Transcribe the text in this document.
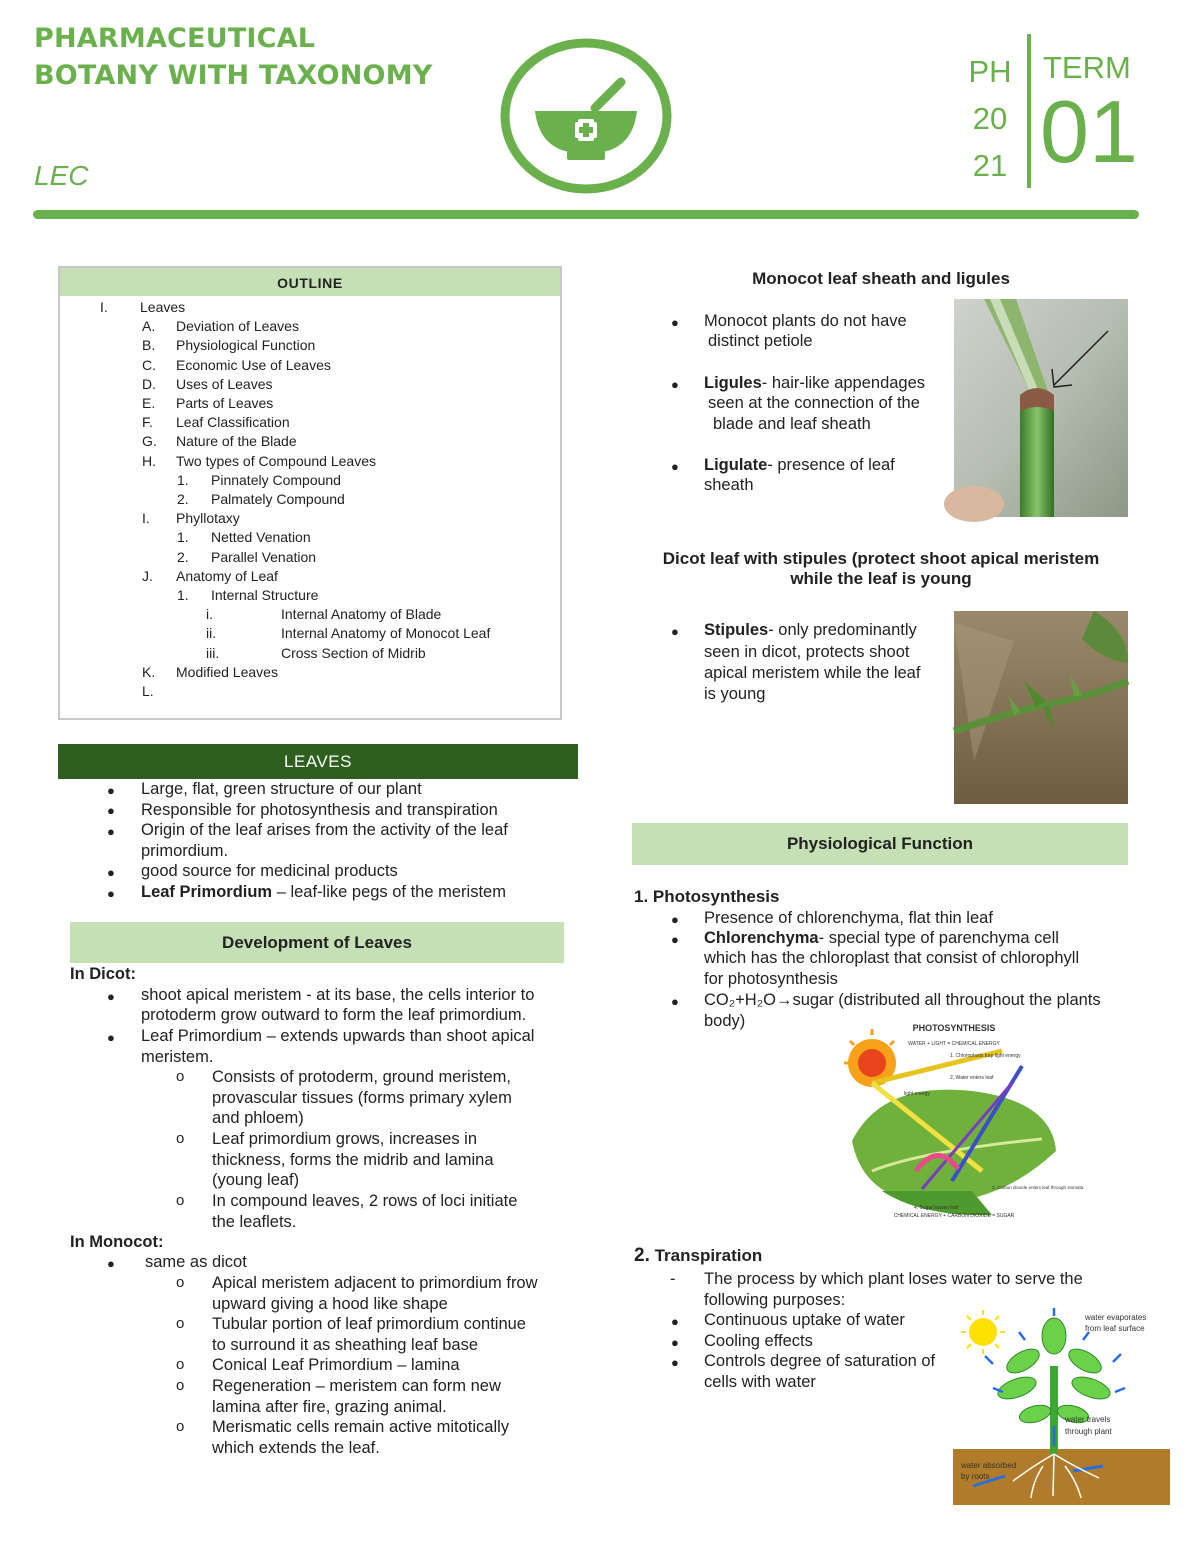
PHARMACEUTICAL
BOTANY WITH TAXONOMY
LEC
PH
20
21
TERM
01
OUTLINE
I. Leaves
A. Deviation of Leaves
B. Physiological Function
C. Economic Use of Leaves
D. Uses of Leaves
E. Parts of Leaves
F. Leaf Classification
G. Nature of the Blade
H. Two types of Compound Leaves
1. Pinnately Compound
2. Palmately Compound
I. Phyllotaxy
1. Netted Venation
2. Parallel Venation
J. Anatomy of Leaf
1. Internal Structure
i.	Internal Anatomy of Blade
ii.	Internal Anatomy of Monocot Leaf
iii.	Cross Section of Midrib
K. Modified Leaves
L.
LEAVES
● Large, flat, green structure of our plant
● Responsible for photosynthesis and transpiration
● Origin of the leaf arises from the activity of the leaf
primordium.
● good source for medicinal products
● Leaf Primordium – leaf-like pegs of the meristem
Development of Leaves
In Dicot:
● shoot apical meristem - at its base, the cells interior to
protoderm grow outward to form the leaf primordium.
● Leaf Primordium – extends upwards than shoot apical
meristem.
o Consists of protoderm, ground meristem,
provascular tissues (forms primary xylem
and phloem)
o Leaf primordium grows, increases in
thickness, forms the midrib and lamina
(young leaf)
o In compound leaves, 2 rows of loci initiate
the leaflets.
In Monocot:
● same as dicot
o Apical meristem adjacent to primordium frow
upward giving a hood like shape
o Tubular portion of leaf primordium continue
to surround it as sheathing leaf base
o Conical Leaf Primordium – lamina
o Regeneration – meristem can form new
lamina after fire, grazing animal.
o Merismatic cells remain active mitotically
which extends the leaf.
Monocot leaf sheath and ligules
● Monocot plants do not have
distinct petiole
● Ligules- hair-like appendages
seen at the connection of the
blade and leaf sheath
● Ligulate- presence of leaf
sheath
Dicot leaf with stipules (protect shoot apical meristem
while the leaf is young
● Stipules- only predominantly
seen in dicot, protects shoot
apical meristem while the leaf
is young
Physiological Function
1. Photosynthesis
● Presence of chlorenchyma, flat thin leaf
● Chlorenchyma- special type of parenchyma cell
which has the chloroplast that consist of chlorophyll
for photosynthesis
● CO₂+H₂O→sugar (distributed all throughout the plants
body)	PHOTOSYNTHESIS
WATER + LIGHT = CHEMICAL ENERGY
1. Chloroplasts trap light energy
2. Water enters leaf
light energy
3. Carbon dioxide enters leaf through stomata
4. Sugar leaves leaf
CHEMICAL ENERGY + CARBON DIOXIDE = SUGAR
2. Transpiration
- The process by which plant loses water to serve the
following purposes:
● Continuous uptake of water
● Cooling effects
● Controls degree of saturation of
cells with water
water evaporates
from leaf surface
water travels
through plant
water absorbed
by roots
